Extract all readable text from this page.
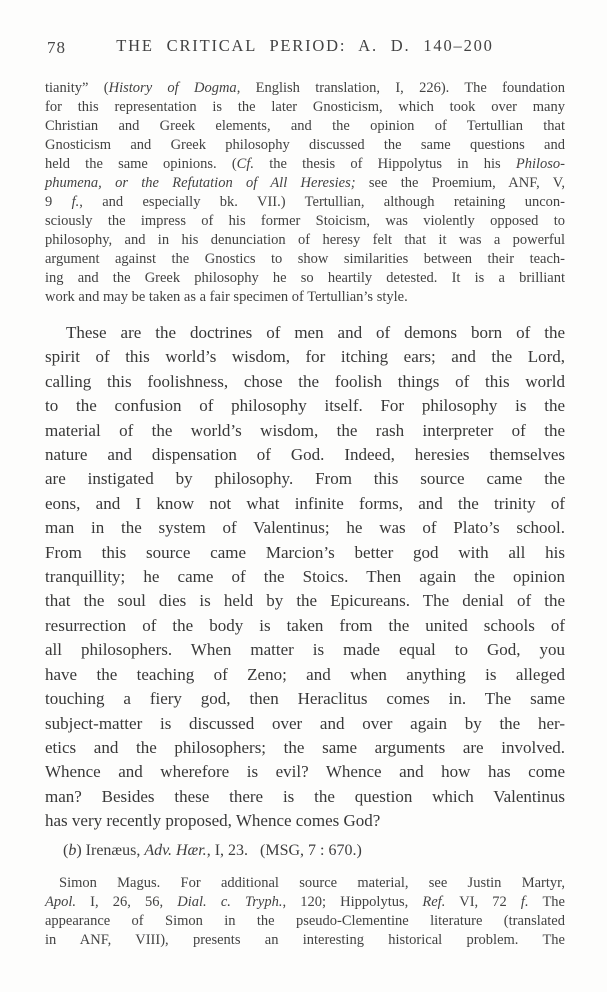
78	THE CRITICAL PERIOD: A. D. 140–200
tianity” (History of Dogma, English translation, I, 226). The foundation
for this representation is the later Gnosticism, which took over many
Christian and Greek elements, and the opinion of Tertullian that
Gnosticism and Greek philosophy discussed the same questions and
held the same opinions. (Cf. the thesis of Hippolytus in his Philoso-
phumena, or the Refutation of All Heresies; see the Proemium, ANF, V,
9 f., and especially bk. VII.) Tertullian, although retaining uncon-
sciously the impress of his former Stoicism, was violently opposed to
philosophy, and in his denunciation of heresy felt that it was a powerful
argument against the Gnostics to show similarities between their teach-
ing and the Greek philosophy he so heartily detested. It is a brilliant
work and may be taken as a fair specimen of Tertullian’s style.
These are the doctrines of men and of demons born of the
spirit of this world’s wisdom, for itching ears; and the Lord,
calling this foolishness, chose the foolish things of this world
to the confusion of philosophy itself. For philosophy is the
material of the world’s wisdom, the rash interpreter of the
nature and dispensation of God. Indeed, heresies themselves
are instigated by philosophy. From this source came the
eons, and I know not what infinite forms, and the trinity of
man in the system of Valentinus; he was of Plato’s school.
From this source came Marcion’s better god with all his
tranquillity; he came of the Stoics. Then again the opinion
that the soul dies is held by the Epicureans. The denial of the
resurrection of the body is taken from the united schools of
all philosophers. When matter is made equal to God, you
have the teaching of Zeno; and when anything is alleged
touching a fiery god, then Heraclitus comes in. The same
subject-matter is discussed over and over again by the her-
etics and the philosophers; the same arguments are involved.
Whence and wherefore is evil? Whence and how has come
man? Besides these there is the question which Valentinus
has very recently proposed, Whence comes God?
(b) Irenæus, Adv. Hær., I, 23.  (MSG, 7 : 670.)
Simon Magus. For additional source material, see Justin Martyr,
Apol. I, 26, 56, Dial. c. Tryph., 120; Hippolytus, Ref. VI, 72 f. The
appearance of Simon in the pseudo-Clementine literature (translated
in ANF, VIII), presents an interesting historical problem. The
